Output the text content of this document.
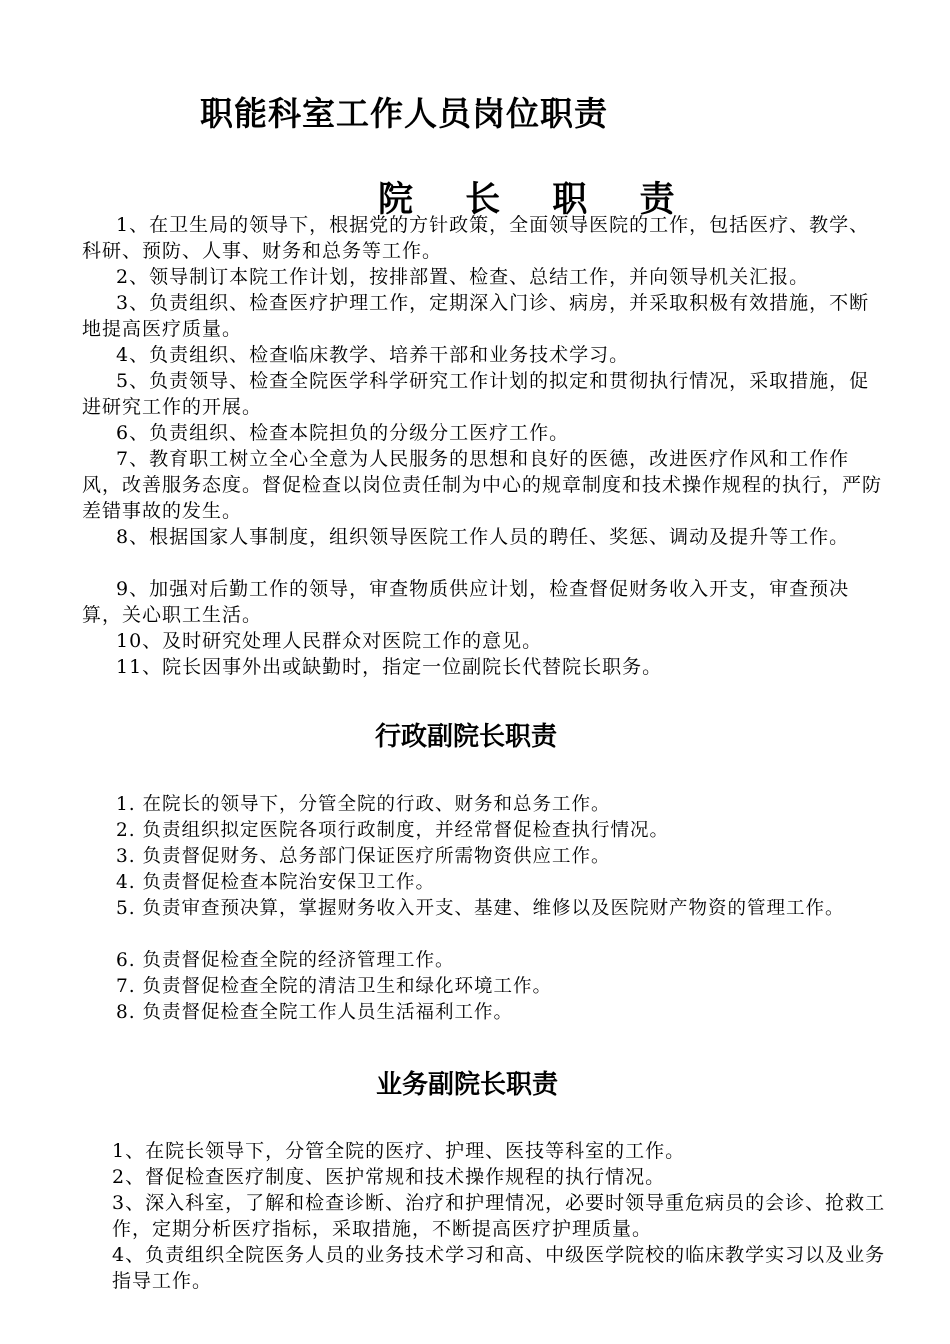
职能科室工作人员岗位职责
院 长 职 责

1、在卫生局的领导下，根据党的方针政策，全面领导医院的工作，包括医疗、教学、科研、预防、人事、财务和总务等工作。

2、领导制订本院工作计划，按排部置、检查、总结工作，并向领导机关汇报。

3、负责组织、检查医疗护理工作，定期深入门诊、病房，并采取积极有效措施，不断地提高医疗质量。

4、负责组织、检查临床教学、培养干部和业务技术学习。

5、负责领导、检查全院医学科学研究工作计划的拟定和贯彻执行情况，采取措施，促进研究工作的开展。

6、负责组织、检查本院担负的分级分工医疗工作。

7、教育职工树立全心全意为人民服务的思想和良好的医德，改进医疗作风和工作作风，改善服务态度。督促检查以岗位责任制为中心的规章制度和技术操作规程的执行，严防差错事故的发生。

8、根据国家人事制度，组织领导医院工作人员的聘任、奖惩、调动及提升等工作。

9、加强对后勤工作的领导，审查物质供应计划，检查督促财务收入开支，审查预决算，关心职工生活。

10、及时研究处理人民群众对医院工作的意见。

11、院长因事外出或缺勤时，指定一位副院长代替院长职务。

行政副院长职责

1. 在院长的领导下，分管全院的行政、财务和总务工作。

2. 负责组织拟定医院各项行政制度，并经常督促检查执行情况。

3. 负责督促财务、总务部门保证医疗所需物资供应工作。

4. 负责督促检查本院治安保卫工作。

5. 负责审查预决算，掌握财务收入开支、基建、维修以及医院财产物资的管理工作。

6. 负责督促检查全院的经济管理工作。

7. 负责督促检查全院的清洁卫生和绿化环境工作。

8. 负责督促检查全院工作人员生活福利工作。

业务副院长职责

1、在院长领导下，分管全院的医疗、护理、医技等科室的工作。

2、督促检查医疗制度、医护常规和技术操作规程的执行情况。

3、深入科室，了解和检查诊断、治疗和护理情况，必要时领导重危病员的会诊、抢救工作，定期分析医疗指标，采取措施，不断提高医疗护理质量。

4、负责组织全院医务人员的业务技术学习和高、中级医学院校的临床教学实习以及业务指导工作。
